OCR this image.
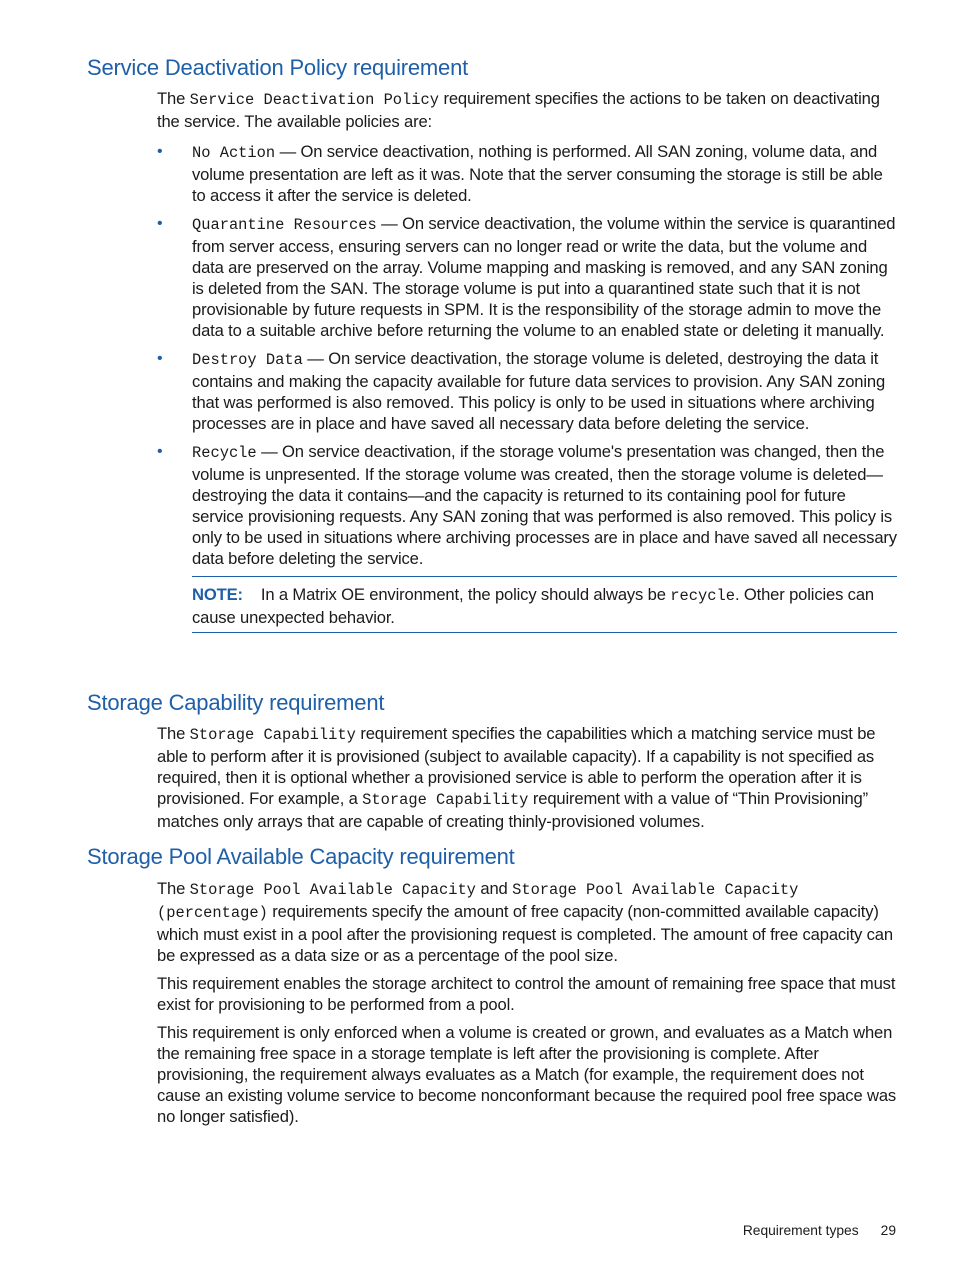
Service Deactivation Policy requirement

The Service Deactivation Policy requirement specifies the actions to be taken on deactivating the service. The available policies are:

• No Action — On service deactivation, nothing is performed. All SAN zoning, volume data, and volume presentation are left as it was. Note that the server consuming the storage is still be able to access it after the service is deleted.
• Quarantine Resources — On service deactivation, the volume within the service is quarantined from server access, ensuring servers can no longer read or write the data, but the volume and data are preserved on the array. Volume mapping and masking is removed, and any SAN zoning is deleted from the SAN. The storage volume is put into a quarantined state such that it is not provisionable by future requests in SPM. It is the responsibility of the storage admin to move the data to a suitable archive before returning the volume to an enabled state or deleting it manually.
• Destroy Data — On service deactivation, the storage volume is deleted, destroying the data it contains and making the capacity available for future data services to provision. Any SAN zoning that was performed is also removed. This policy is only to be used in situations where archiving processes are in place and have saved all necessary data before deleting the service.
• Recycle — On service deactivation, if the storage volume's presentation was changed, then the volume is unpresented. If the storage volume was created, then the storage volume is deleted—destroying the data it contains—and the capacity is returned to its containing pool for future service provisioning requests. Any SAN zoning that was performed is also removed. This policy is only to be used in situations where archiving processes are in place and have saved all necessary data before deleting the service.
NOTE: In a Matrix OE environment, the policy should always be recycle. Other policies can cause unexpected behavior.
Storage Capability requirement

The Storage Capability requirement specifies the capabilities which a matching service must be able to perform after it is provisioned (subject to available capacity). If a capability is not specified as required, then it is optional whether a provisioned service is able to perform the operation after it is provisioned. For example, a Storage Capability requirement with a value of “Thin Provisioning” matches only arrays that are capable of creating thinly-provisioned volumes.

Storage Pool Available Capacity requirement

The Storage Pool Available Capacity and Storage Pool Available Capacity (percentage) requirements specify the amount of free capacity (non-committed available capacity) which must exist in a pool after the provisioning request is completed. The amount of free capacity can be expressed as a data size or as a percentage of the pool size.

This requirement enables the storage architect to control the amount of remaining free space that must exist for provisioning to be performed from a pool.

This requirement is only enforced when a volume is created or grown, and evaluates as a Match when the remaining free space in a storage template is left after the provisioning is complete. After provisioning, the requirement always evaluates as a Match (for example, the requirement does not cause an existing volume service to become nonconformant because the required pool free space was no longer satisfied).

Requirement types 29
